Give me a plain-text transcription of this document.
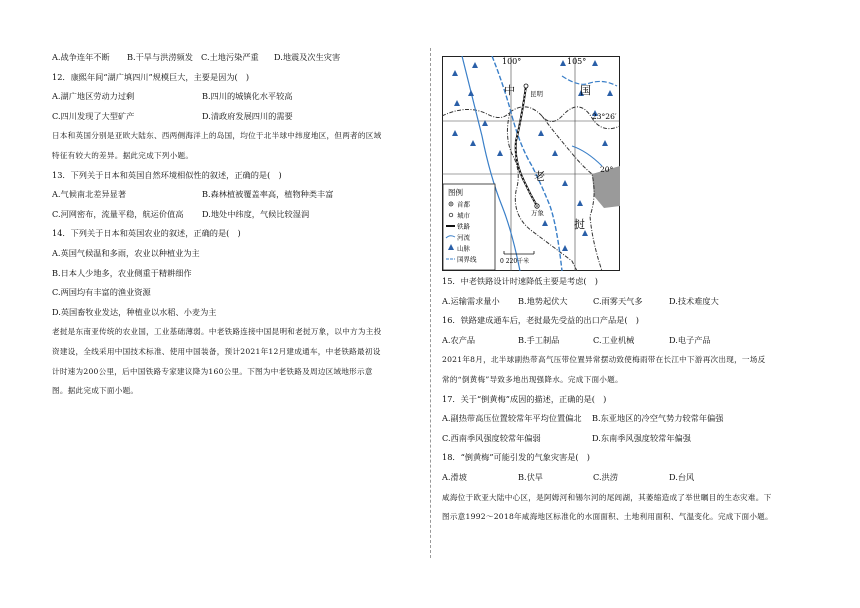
A.战争连年不断	B.干旱与洪涝频发 C.土地污染严重	D.地震及次生灾害
12．康熙年间“湖广填四川”规模巨大，主要是因为(　)
A.湖广地区劳动力过剩	B.四川的城镇化水平较高
C.四川发现了大型矿产	D.清政府发展四川的需要
日本和英国分别是亚欧大陆东、西两侧海洋上的岛国，均位于北半球中纬度地区，但两者的区域
特征有较大的差异。据此完成下列小题。
13．下列关于日本和英国自然环境相似性的叙述，正确的是(　)
A.气候南北差异显著	B.森林植被覆盖率高，植物种类丰富
C.河网密布，流量平稳，航运价值高	D.地处中纬度，气候比较湿润
14．下列关于日本和英国农业的叙述，正确的是(　)
A.英国气候温和多雨，农业以种植业为主
B.日本人少地多，农业侧重于精耕细作
C.两国均有丰富的渔业资源
D.英国畜牧业发达，种植业以水稻、小麦为主
老挝是东南亚传统的农业国，工业基础薄弱。中老铁路连接中国昆明和老挝万象，以中方为主投
资建设，全线采用中国技术标准、使用中国装备，预计2021年12月建成通车，中老铁路最初设
计时速为200公里，后中国铁路专家建议降为160公里。下图为中老铁路及周边区域地形示意
图。据此完成下面小题。
15．中老铁路设计时速降低主要是考虑(　)
A.运输需求量小	B.地势起伏大	C.雨雾天气多	D.技术难度大
16．铁路建成通车后，老挝最先受益的出口产品是(　)
A.农产品	B.手工制品	C.工业机械	D.电子产品
2021年8月，北半球副热带高气压带位置异常摆动致使梅雨带在长江中下游再次出现，一场反
常的“倒黄梅”导致多地出现强降水。完成下面小题。
17．关于“倒黄梅”成因的描述，正确的是(　)
A.副热带高压位置较常年平均位置偏北	B.东亚地区的冷空气势力较常年偏强
C.西南季风强度较常年偏弱	D.东南季风强度较常年偏强
18．“倒黄梅”可能引发的气象灾害是(　)
A.滑坡	B.伏旱	C.洪涝	D.台风
咸海位于欧亚大陆中心区，是阿姆河和锡尔河的尾闾湖，其萎缩造成了举世瞩目的生态灾难。下
图示意1992～2018年咸海地区标准化的水面面积、土地利用面积、气温变化。完成下面小题。
100°	105°
23°26′
20°
中	国
老
挝
昆明
万象
图例
首都
城市
铁路
河流
山脉
国界线	0 220千米
